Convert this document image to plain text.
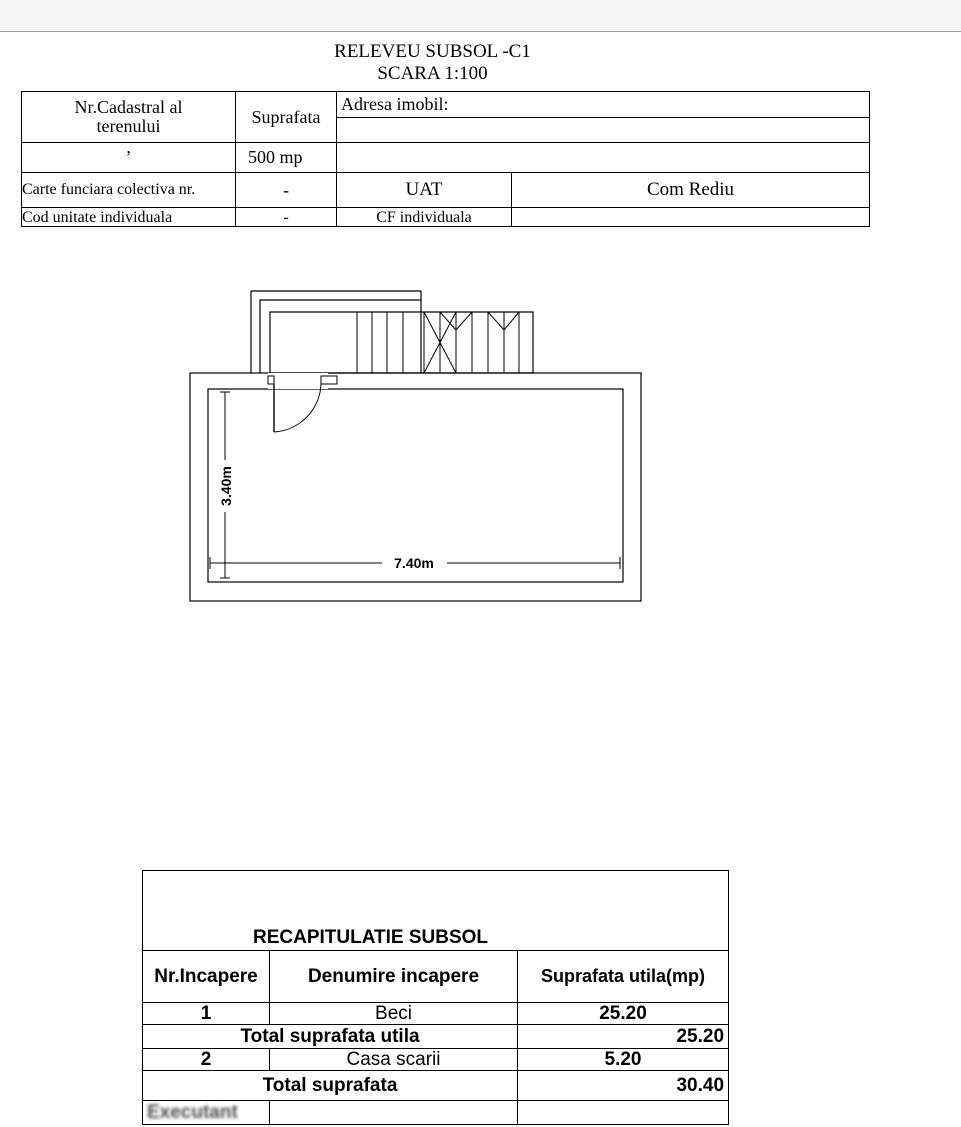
RELEVEU SUBSOL -C1
SCARA 1:100
Nr.Cadastral al terenului	Suprafata	Adresa imobil:	

’	500 mp		
Carte funciara colectiva nr.	-	UAT	Com Rediu
Cod unitate individuala	-	CF individuala	
7.40m
3.40m
RECAPITULATIE SUBSOL		
Nr.Incapere	Denumire incapere	Suprafata utila(mp)
1	Beci	25.20
Total suprafata utila		25.20
2	Casa scarii	5.20
Total suprafata		30.40
Executant		
